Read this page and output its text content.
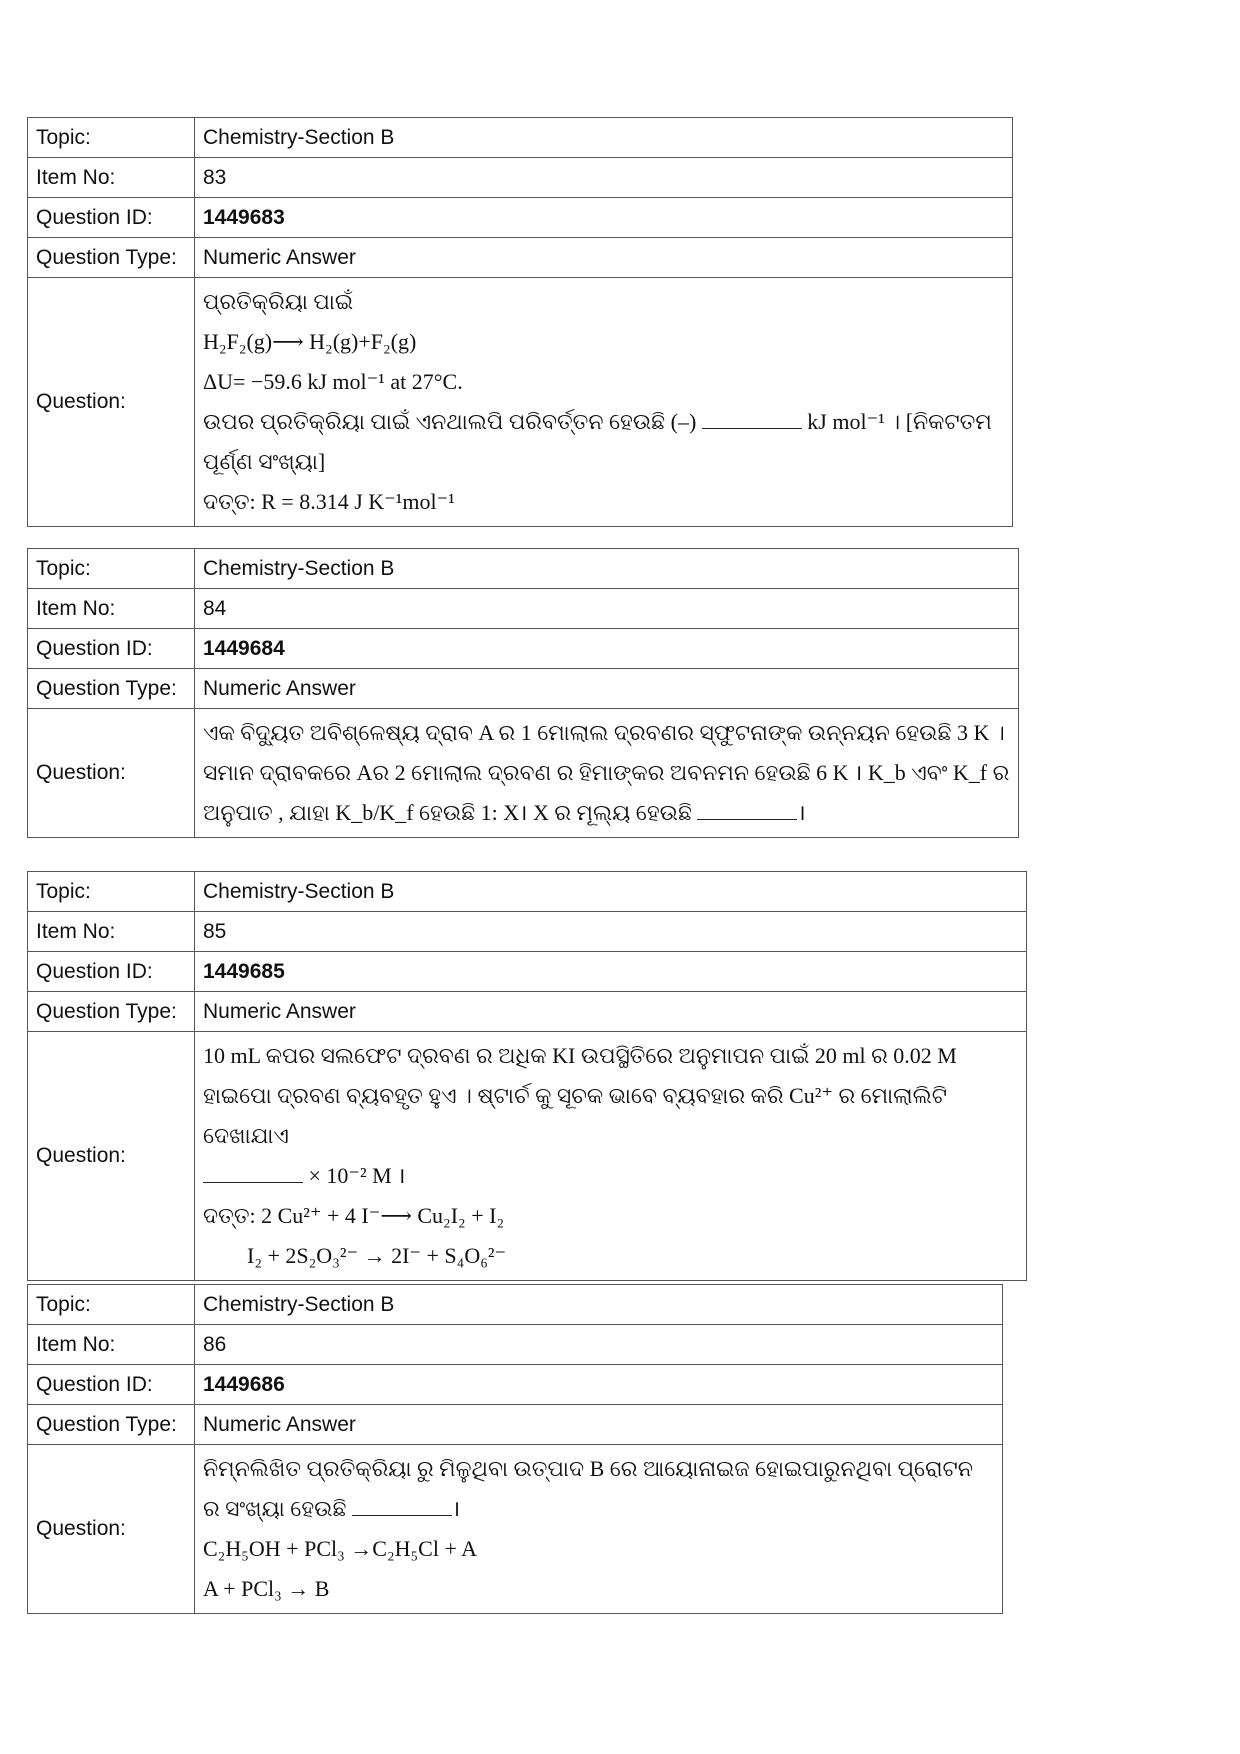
Topic:	Chemistry-Section B
Item No:	83
Question ID:	1449683
Question Type:	Numeric Answer
Question:	ପ୍ରତିକ୍ରିୟା ପାଇଁ
H₂F₂(g)⟶ H₂(g)+F₂(g)
ΔU= −59.6 kJ mol⁻¹ at 27°C.
ଉପର ପ୍ରତିକ୍ରିୟା ପାଇଁ ଏନଥାଲପି ପରିବର୍ତ୍ତନ ହେଉଛି (–) kJ mol⁻¹ । [ନିକଟତମ ପୂର୍ଣ୍ଣ ସଂଖ୍ୟା]
ଦତ୍ତ: R = 8.314 J K⁻¹mol⁻¹
Topic:	Chemistry-Section B
Item No:	84
Question ID:	1449684
Question Type:	Numeric Answer
Question:	ଏକ ବିଦ୍ୟୁତ ଅବିଶ୍ଳେଷ୍ୟ ଦ୍ରାବ A ର 1 ମୋଲାଲ ଦ୍ରବଣର ସ୍ଫୁଟନାଙ୍କ ଉନ୍ନୟନ ହେଉଛି 3 K । ସମାନ ଦ୍ରାବକରେ Aର 2 ମୋଲାଲ ଦ୍ରବଣ ର ହିମାଙ୍କର ଅବନମନ ହେଉଛି 6 K । K_b ଏବଂ K_f ର ଅନୁପାତ , ଯାହା K_b/K_f ହେଉଛି 1: X। X ର ମୂଲ୍ୟ ହେଉଛି ।
Topic:	Chemistry-Section B
Item No:	85
Question ID:	1449685
Question Type:	Numeric Answer
Question:	10 mL କପର ସଲଫେଟ ଦ୍ରବଣ ର ଅଧିକ KI ଉପସ୍ଥିତିରେ ଅନୁମାପନ ପାଇଁ 20 ml ର 0.02 M ହାଇପୋ ଦ୍ରବଣ ବ୍ୟବହୃତ ହୁଏ । ଷ୍ଟାର୍ଚ କୁ ସୂଚକ ଭାବେ ବ୍ୟବହାର କରି Cu²⁺ ର ମୋଲାଲିଟି ଦେଖାଯାଏ
× 10⁻² M ।
ଦତ୍ତ: 2 Cu²⁺ + 4 I⁻⟶ Cu₂I₂ + I₂
I₂ + 2S₂O₃²⁻ → 2I⁻ + S₄O₆²⁻
Topic:	Chemistry-Section B
Item No:	86
Question ID:	1449686
Question Type:	Numeric Answer
Question:	ନିମ୍ନଲିଖିତ ପ୍ରତିକ୍ରିୟା ରୁ ମିଳୁଥିବା ଉତ୍ପାଦ B ରେ ଆୟୋନାଇଜ ହୋଇପାରୁନଥିବା ପ୍ରୋଟନ ର ସଂଖ୍ୟା ହେଉଛି ।
C₂H₅OH + PCl₃ →C₂H₅Cl + A
A + PCl₃ → B
